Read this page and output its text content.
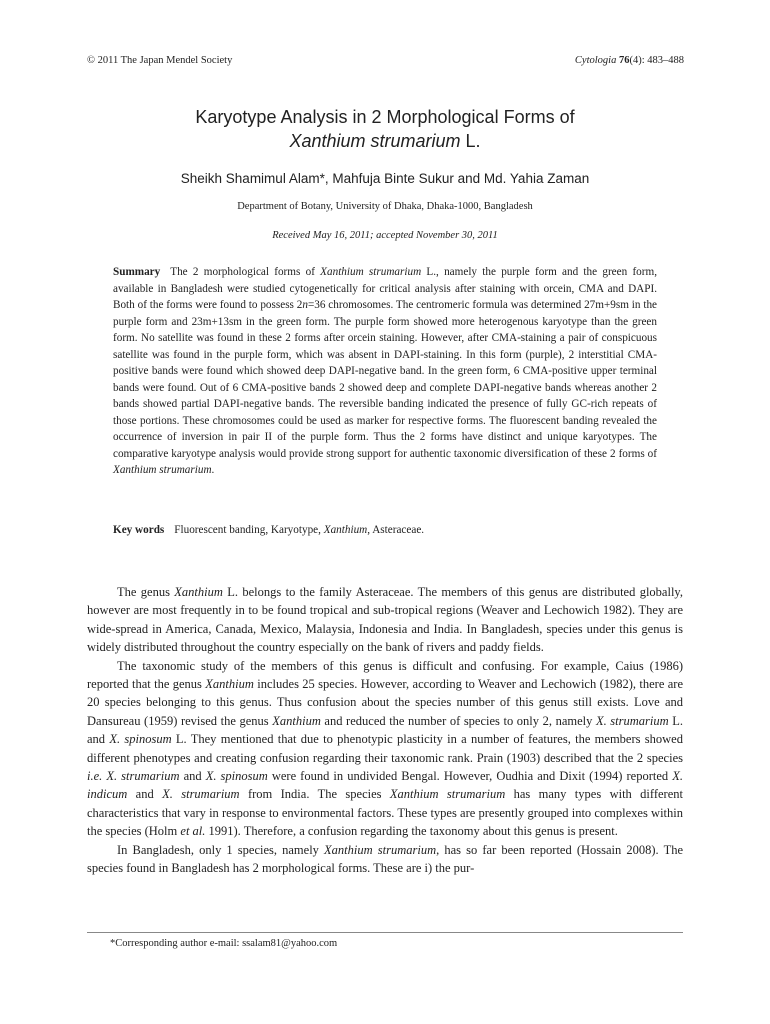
© 2011 The Japan Mendel Society	Cytologia 76(4): 483–488
Karyotype Analysis in 2 Morphological Forms of
Xanthium strumarium L.
Sheikh Shamimul Alam*, Mahfuja Binte Sukur and Md. Yahia Zaman
Department of Botany, University of Dhaka, Dhaka-1000, Bangladesh
Received May 16, 2011; accepted November 30, 2011
Summary The 2 morphological forms of Xanthium strumarium L., namely the purple form and the green form, available in Bangladesh were studied cytogenetically for critical analysis after staining with orcein, CMA and DAPI. Both of the forms were found to possess 2n=36 chromosomes. The centromeric formula was determined 27m+9sm in the purple form and 23m+13sm in the green form. The purple form showed more heterogenous karyotype than the green form. No satellite was found in these 2 forms after orcein staining. However, after CMA-staining a pair of conspicuous satellite was found in the purple form, which was absent in DAPI-staining. In this form (purple), 2 interstitial CMA-positive bands were found which showed deep DAPI-negative band. In the green form, 6 CMA-positive upper terminal bands were found. Out of 6 CMA-positive bands 2 showed deep and complete DAPI-negative bands whereas another 2 bands showed partial DAPI-negative bands. The reversible banding indicated the presence of fully GC-rich repeats of those portions. These chromosomes could be used as marker for respective forms. The fluorescent banding revealed the occurrence of inversion in pair II of the purple form. Thus the 2 forms have distinct and unique karyotypes. The comparative karyotype analysis would provide strong support for authentic taxonomic diversification of these 2 forms of Xanthium strumarium.
Key words Fluorescent banding, Karyotype, Xanthium, Asteraceae.

The genus Xanthium L. belongs to the family Asteraceae. The members of this genus are distributed globally, however are most frequently in to be found tropical and sub-tropical regions (Weaver and Lechowich 1982). They are wide-spread in America, Canada, Mexico, Malaysia, Indonesia and India. In Bangladesh, species under this genus is widely distributed throughout the country especially on the bank of rivers and paddy fields.

The taxonomic study of the members of this genus is difficult and confusing. For example, Caius (1986) reported that the genus Xanthium includes 25 species. However, according to Weaver and Lechowich (1982), there are 20 species belonging to this genus. Thus confusion about the species number of this genus still exists. Love and Dansureau (1959) revised the genus Xanthium and reduced the number of species to only 2, namely X. strumarium L. and X. spinosum L. They mentioned that due to phenotypic plasticity in a number of features, the members showed different phenotypes and creating confusion regarding their taxonomic rank. Prain (1903) described that the 2 species i.e. X. strumarium and X. spinosum were found in undivided Bengal. However, Oudhia and Dixit (1994) reported X. indicum and X. strumarium from India. The species Xanthium strumarium has many types with different characteristics that vary in response to environmental factors. These types are presently grouped into complexes within the species (Holm et al. 1991). Therefore, a confusion regarding the taxonomy about this genus is present.

In Bangladesh, only 1 species, namely Xanthium strumarium, has so far been reported (Hossain 2008). The species found in Bangladesh has 2 morphological forms. These are i) the pur-

*Corresponding author e-mail: ssalam81@yahoo.com
